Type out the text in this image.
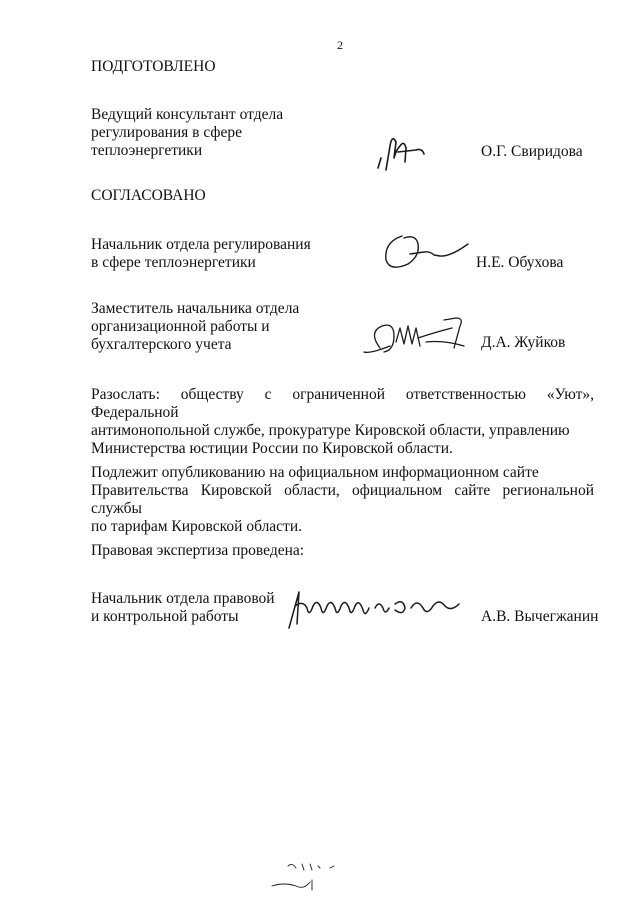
2

ПОДГОТОВЛЕНО

Ведущий консультант отдела
регулирования в сфере
теплоэнергетики	О.Г. Свиридова

СОГЛАСОВАНО

Начальник отдела регулирования
в сфере теплоэнергетики	Н.Е. Обухова

Заместитель начальника отдела
организационной работы и
бухгалтерского учета	Д.А. Жуйков

Разослать: обществу с ограниченной ответственностью «Уют», Федеральной
антимонопольной службе, прокуратуре Кировской области, управлению
Министерства юстиции России по Кировской области.
Подлежит опубликованию на официальном информационном сайте
Правительства Кировской области, официальном сайте региональной службы
по тарифам Кировской области.

Правовая экспертиза проведена:

Начальник отдела правовой
и контрольной работы	А.В. Вычегжанин
